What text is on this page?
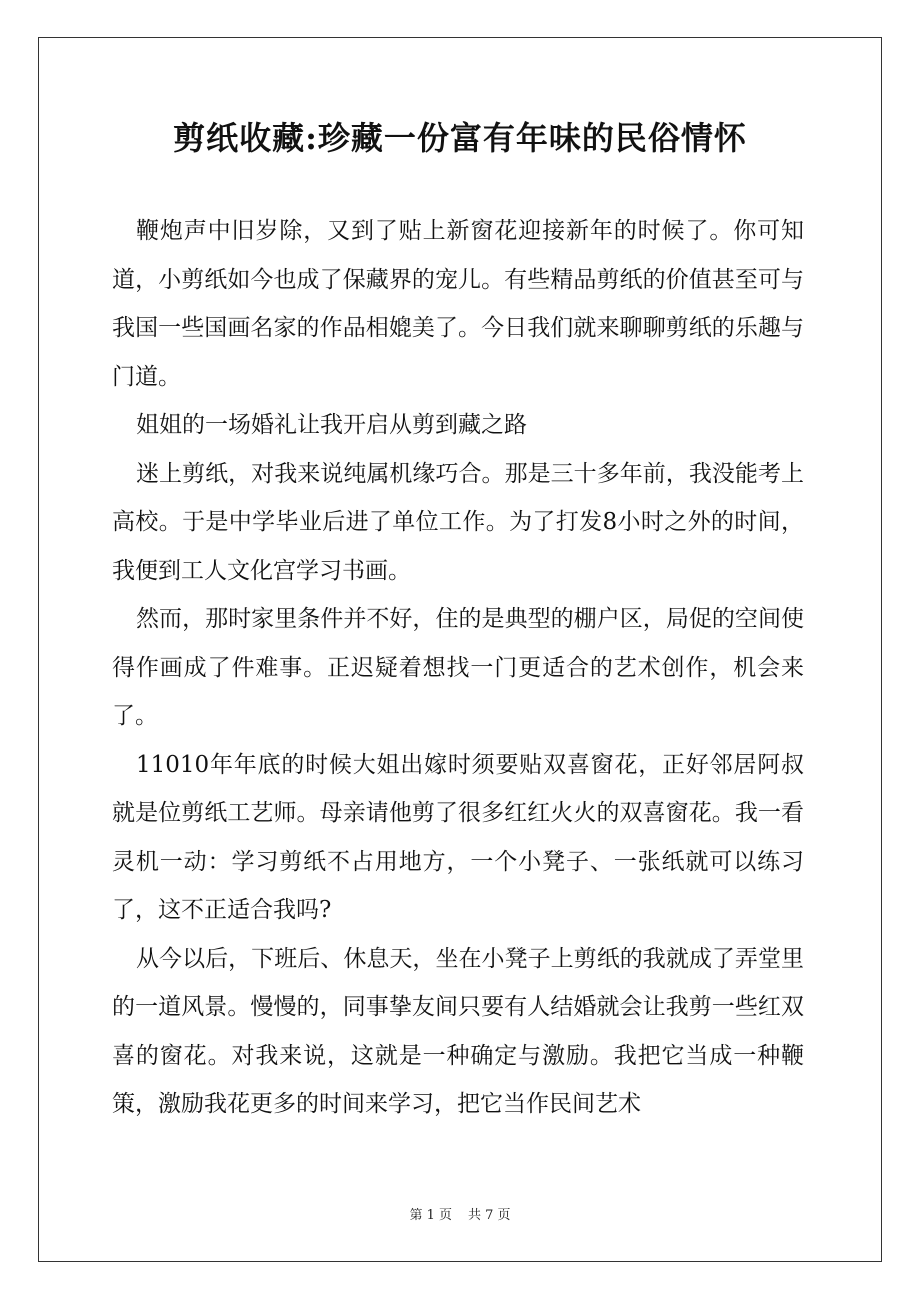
剪纸收藏:珍藏一份富有年味的民俗情怀

鞭炮声中旧岁除，又到了贴上新窗花迎接新年的时候了。你可知道，小剪纸如今也成了保藏界的宠儿。有些精品剪纸的价值甚至可与我国一些国画名家的作品相媲美了。今日我们就来聊聊剪纸的乐趣与门道。

姐姐的一场婚礼让我开启从剪到藏之路

迷上剪纸，对我来说纯属机缘巧合。那是三十多年前，我没能考上高校。于是中学毕业后进了单位工作。为了打发8小时之外的时间，我便到工人文化宫学习书画。

然而，那时家里条件并不好，住的是典型的棚户区，局促的空间使得作画成了件难事。正迟疑着想找一门更适合的艺术创作，机会来了。

11010年年底的时候大姐出嫁时须要贴双喜窗花，正好邻居阿叔就是位剪纸工艺师。母亲请他剪了很多红红火火的双喜窗花。我一看灵机一动：学习剪纸不占用地方，一个小凳子、一张纸就可以练习了，这不正适合我吗?

从今以后，下班后、休息天，坐在小凳子上剪纸的我就成了弄堂里的一道风景。慢慢的，同事挚友间只要有人结婚就会让我剪一些红双喜的窗花。对我来说，这就是一种确定与激励。我把它当成一种鞭策，激励我花更多的时间来学习，把它当作民间艺术

第 1 页 共 7 页
